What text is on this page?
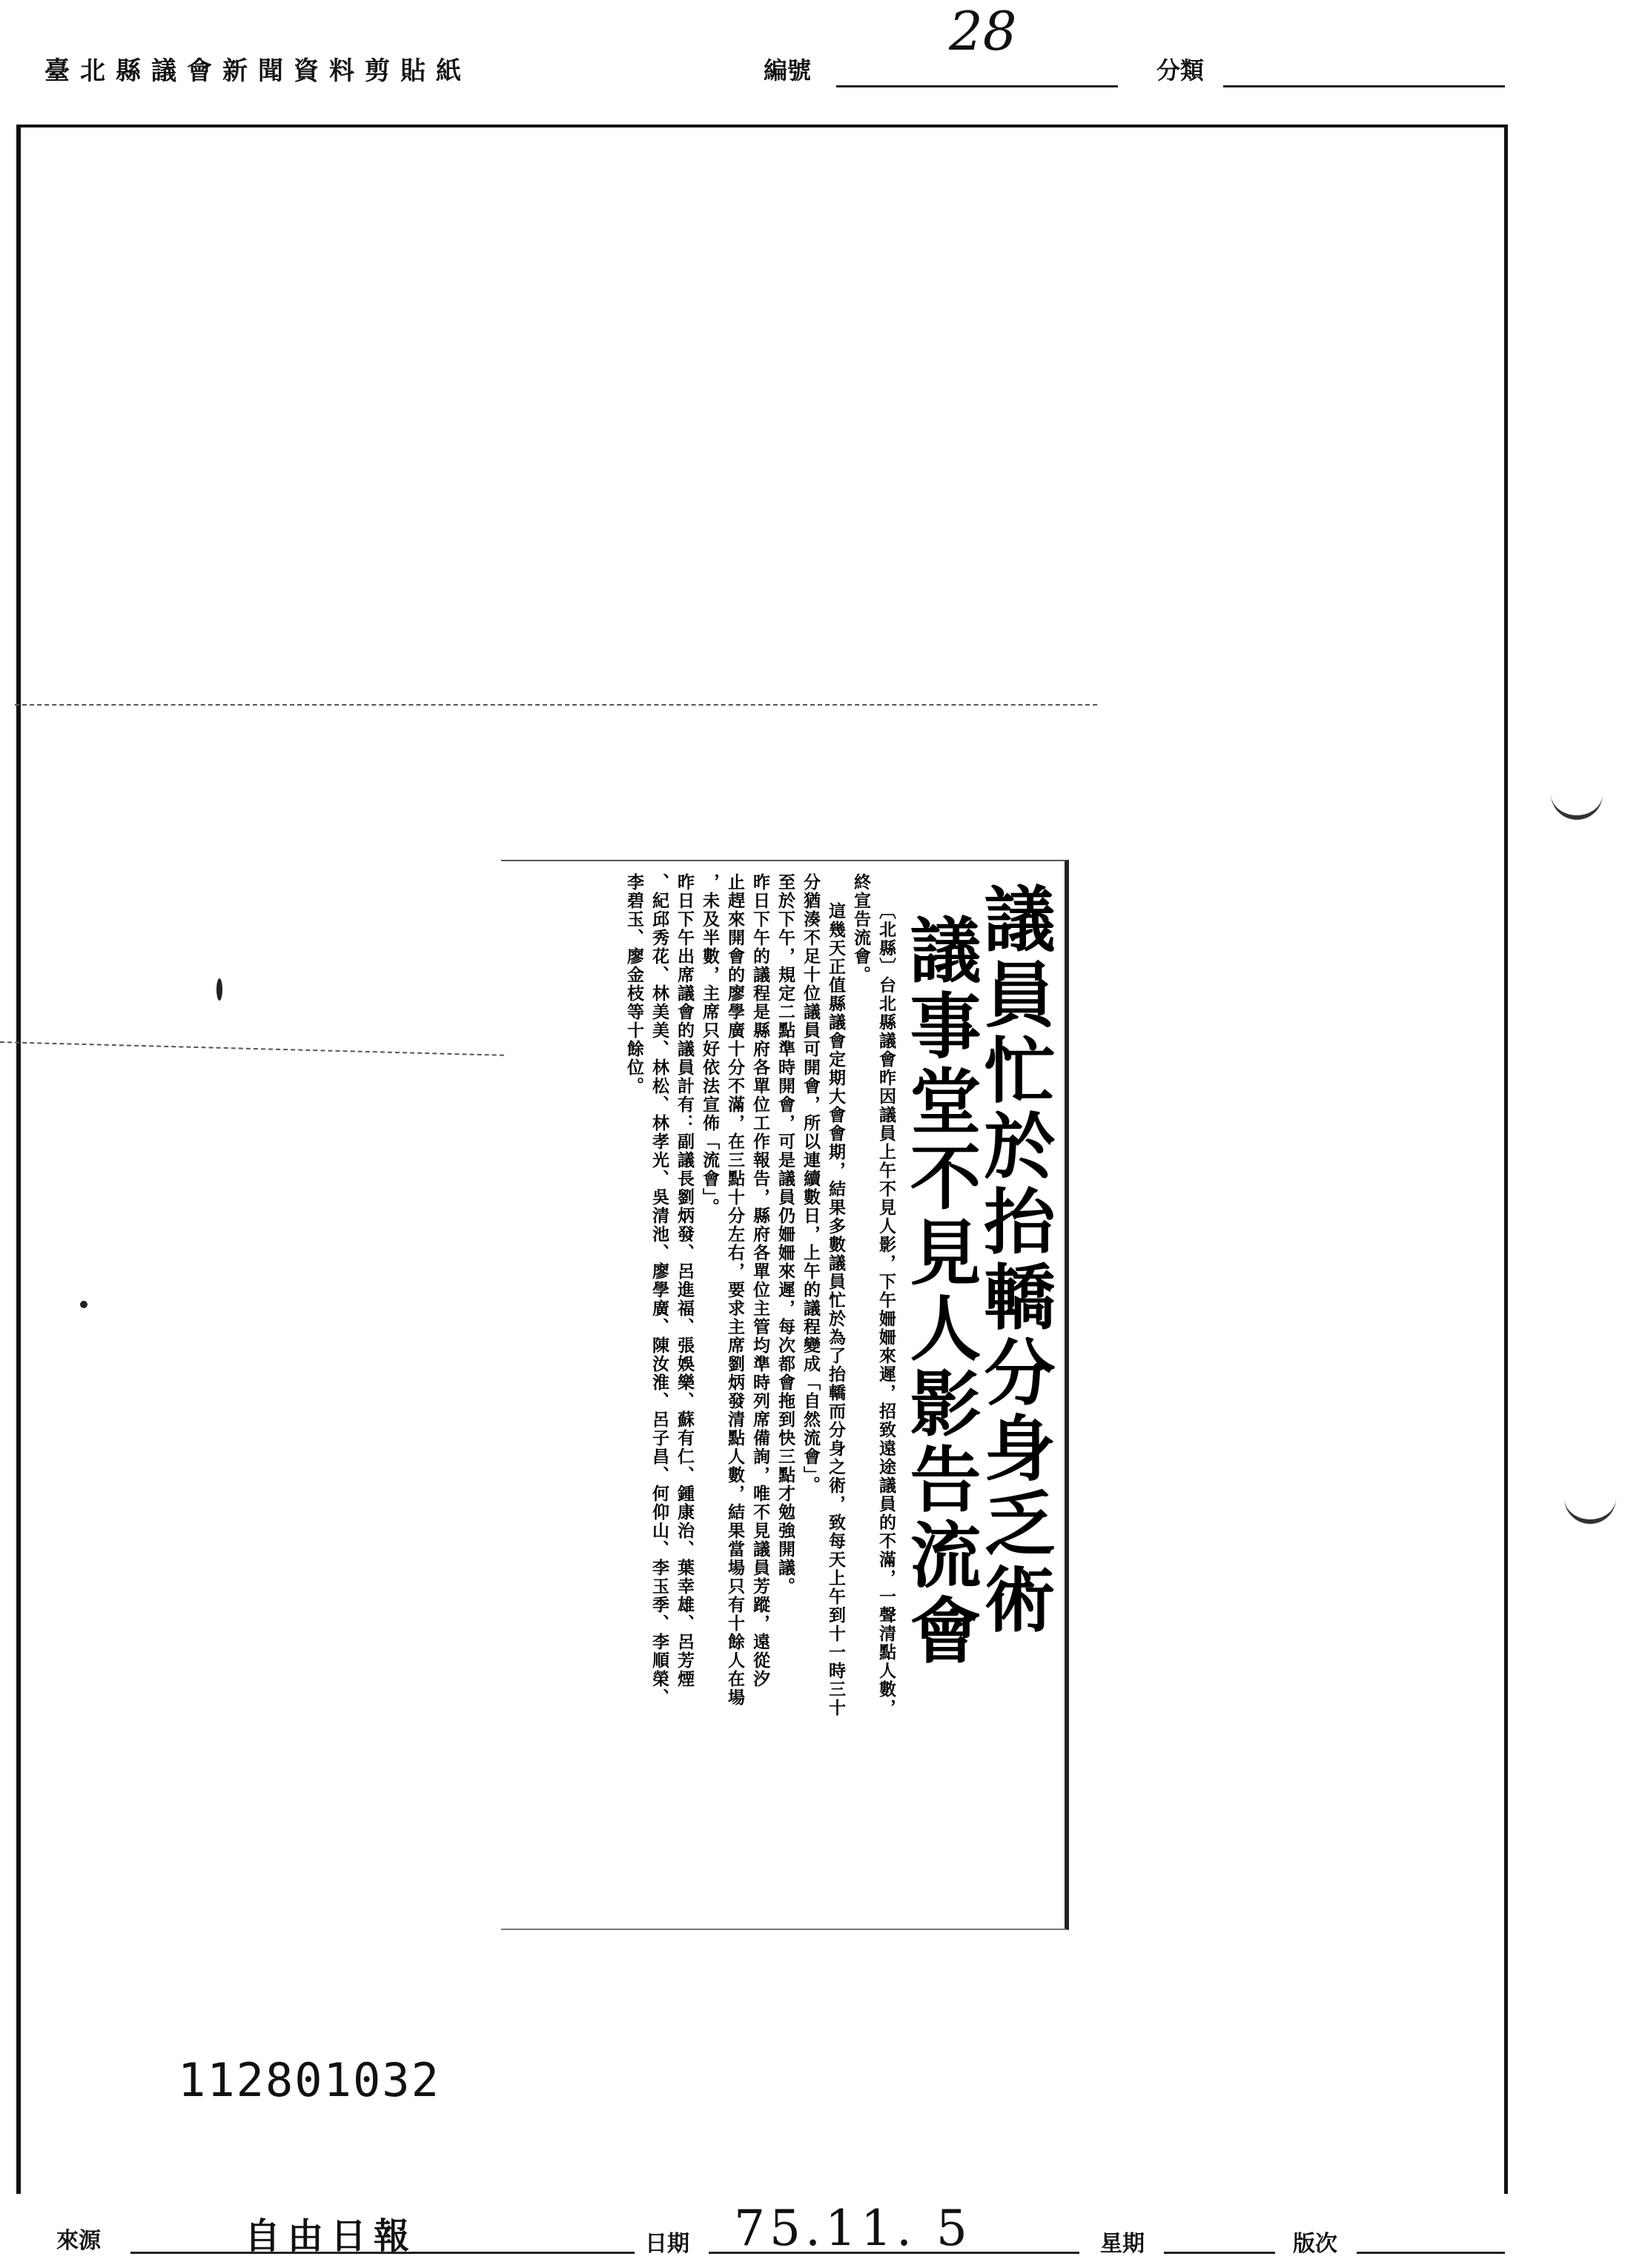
臺北縣議會新聞資料剪貼紙	編號
28
分類
議員忙於抬轎分身乏術
議事堂不見人影告流會
〔北縣〕台北縣議會昨因議員上午不見人影，下午姍姍來遲，招致遠途議員的不滿，一聲清點人數，
終宣告流會。
這幾天正值縣議會定期大會會期，結果多數議員忙於為了抬轎而分身之術，致每天上午到十一時三十
分猶湊不足十位議員可開會，所以連續數日，上午的議程變成「自然流會」。
至於下午，規定二點準時開會，可是議員仍姍姍來遲，每次都會拖到快三點才勉強開議。
昨日下午的議程是縣府各單位工作報告，縣府各單位主管均準時列席備詢，唯不見議員芳蹤，遠從汐
止趕來開會的廖學廣十分不滿，在三點十分左右，要求主席劉炳發清點人數，結果當場只有十餘人在場
，未及半數，主席只好依法宣佈「流會」。
昨日下午出席議會的議員計有：副議長劉炳發、呂進福、張娛樂、蘇有仁、鍾康治、葉幸雄、呂芳煙
、紀邱秀花、林美美、林松、林孝光、吳清池、廖學廣、陳汝淮、呂子昌、何仰山、李玉季、李順榮、
李碧玉、廖金枝等十餘位。
112801032
來源	自由日報	日期 75.11. 5	星期	版次
